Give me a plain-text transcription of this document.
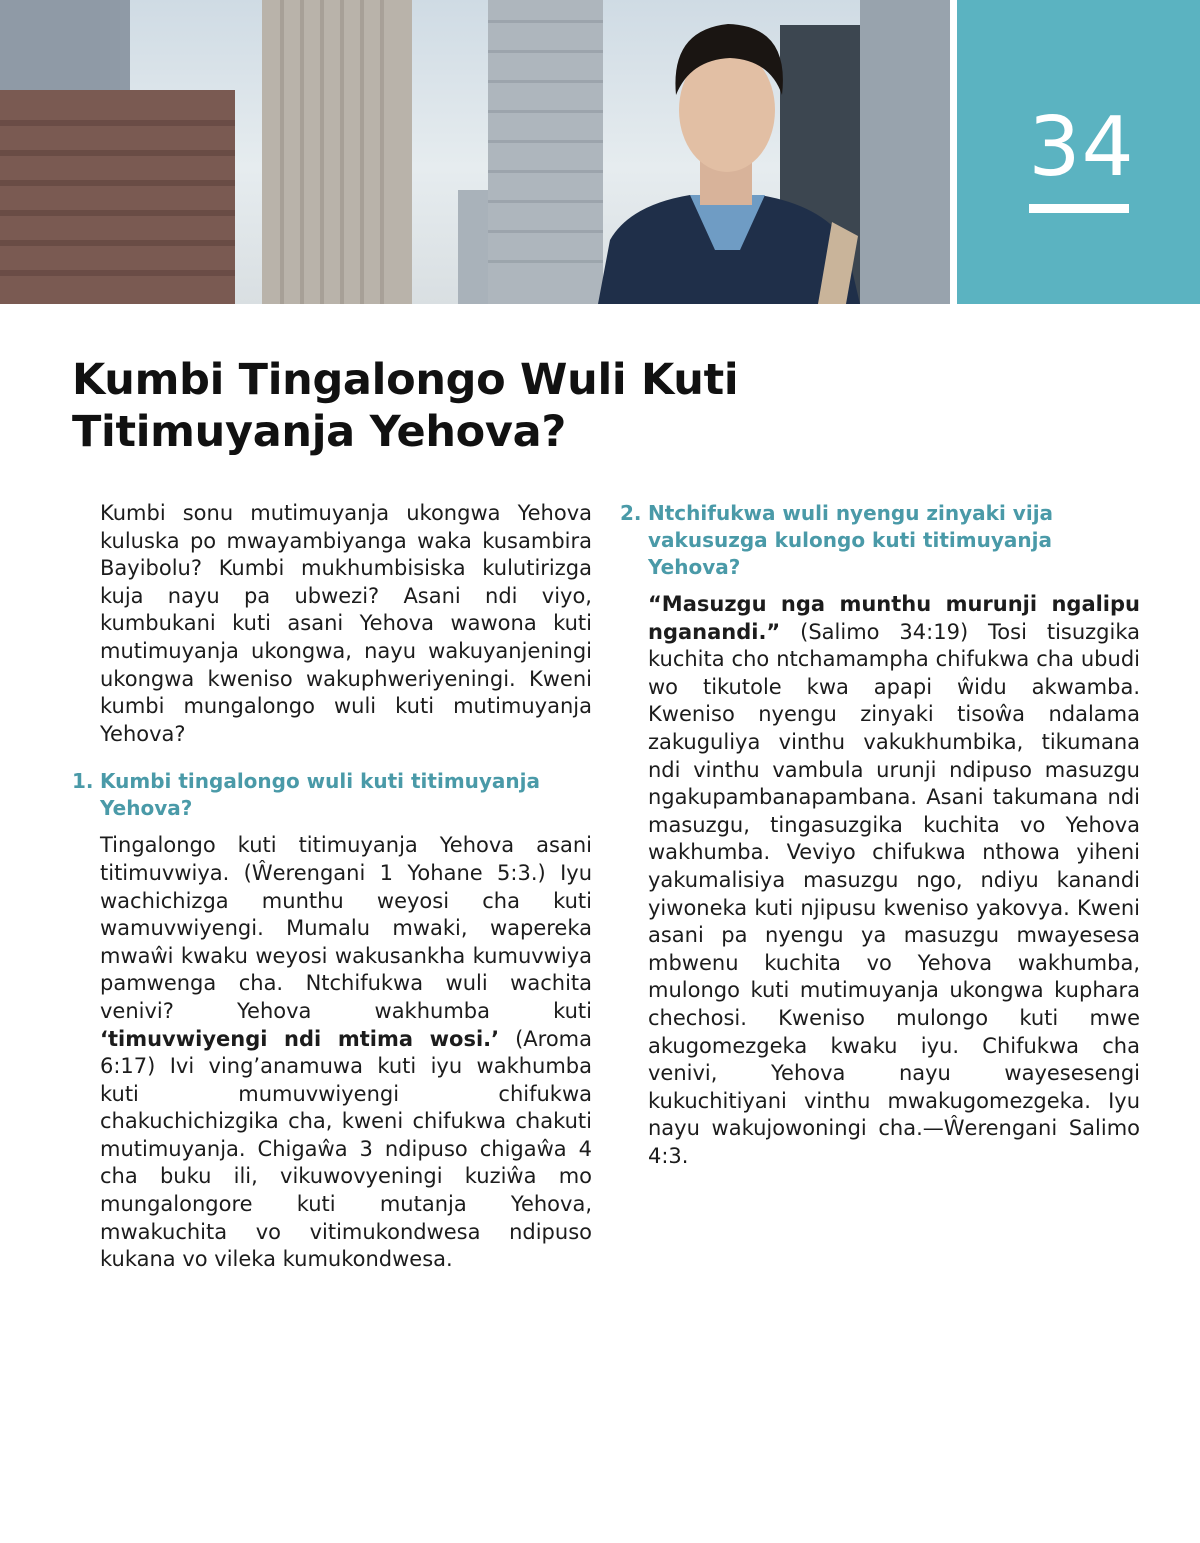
34
Kumbi Tingalongo Wuli Kuti Titimuyanja Yehova?

Kumbi sonu mutimuyanja ukongwa Yehova kuluska po mwayambiyanga waka kusambira Bayibolu? Kumbi mukhumbisiska kulutirizga kuja nayu pa ubwezi? Asani ndi viyo, kumbukani kuti asani Yehova wawona kuti mutimuyanja ukongwa, nayu wakuyanjeningi ukongwa kweniso wakuphweriyeningi. Kweni kumbi mungalongo wuli kuti mutimuyanja Yehova?

1. Kumbi tingalongo wuli kuti titimuyanja Yehova?

Tingalongo kuti titimuyanja Yehova asani titimuvwiya. (Ŵerengani 1 Yohane 5:3.) Iyu wachichizga munthu weyosi cha kuti wamuvwiyengi. Mumalu mwaki, wapereka mwaŵi kwaku weyosi wakusankha kumuvwiya pamwenga cha. Ntchifukwa wuli wachita venivi? Yehova wakhumba kuti ‘timuvwiyengi ndi mtima wosi.’ (Aroma 6:17) Ivi ving’anamuwa kuti iyu wakhumba kuti mumuvwiyengi chifukwa chakuchichizgika cha, kweni chifukwa chakuti mutimuyanja. Chigaŵa 3 ndipuso chigaŵa 4 cha buku ili, vikuwovyeningi kuziŵa mo mungalongore kuti mutanja Yehova, mwakuchita vo vitimukondwesa ndipuso kukana vo vileka kumukondwesa.

2. Ntchifukwa wuli nyengu zinyaki vija vakusuzga kulongo kuti titimuyanja Yehova?

“Masuzgu nga munthu murunji ngalipu nganandi.” (Salimo 34:19) Tosi tisuzgika kuchita cho ntchamampha chifukwa cha ubudi wo tikutole kwa apapi ŵidu akwamba. Kweniso nyengu zinyaki tisoŵa ndalama zakuguliya vinthu vakukhumbika, tikumana ndi vinthu vambula urunji ndipuso masuzgu ngakupambanapambana. Asani takumana ndi masuzgu, tingasuzgika kuchita vo Yehova wakhumba. Veviyo chifukwa nthowa yiheni yakumalisiya masuzgu ngo, ndiyu kanandi yiwoneka kuti njipusu kweniso yakovya. Kweni asani pa nyengu ya masuzgu mwayesesa mbwenu kuchita vo Yehova wakhumba, mulongo kuti mutimuyanja ukongwa kuphara chechosi. Kweniso mulongo kuti mwe akugomezgeka kwaku iyu. Chifukwa cha venivi, Yehova nayu wayesesengi kukuchitiyani vinthu mwakugomezgeka. Iyu nayu wakujowoningi cha.—Ŵerengani Salimo 4:3.
